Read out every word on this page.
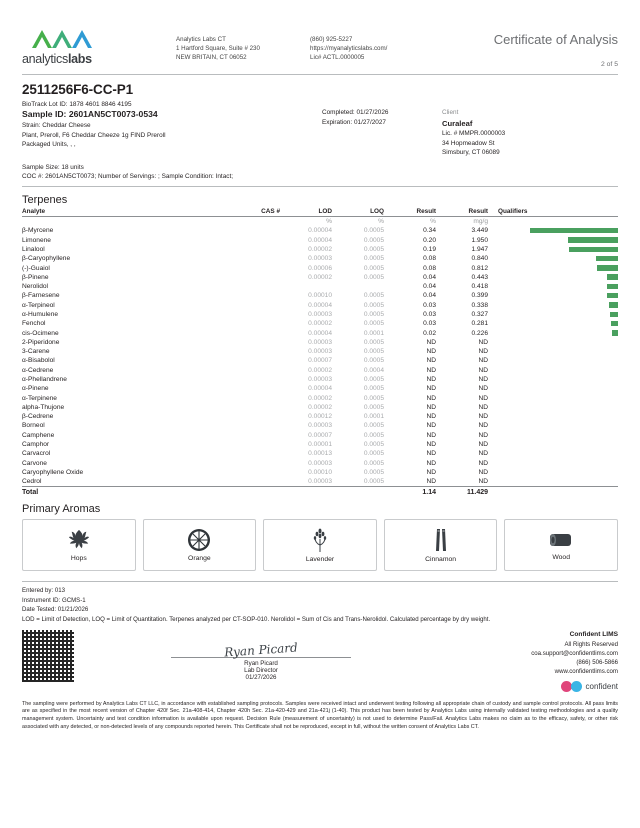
analyticslabs
Analytics Labs CT
1 Hartford Square, Suite # 230
NEW BRITAIN, CT 06052
(860) 925-5227
https://myanalyticslabs.com/
Lic# ACTL.0000005
Certificate of Analysis
2 of 5
2511256F6-CC-P1
BioTrack Lot ID: 1878 4601 8846 4195
Sample ID: 2601AN5CT0073-0534
Strain: Cheddar Cheese
Plant, Preroll, F6 Cheddar Cheeze 1g FIND Preroll
Packaged Units, , ,
Completed: 01/27/2026
Expiration: 01/27/2027
Client
Curaleaf
Lic. # MMPR.0000003
34 Hopmeadow St
Simsbury, CT 06089
Sample Size: 18 units
COC #: 2601AN5CT0073; Number of Servings: ; Sample Condition: Intact;
Terpenes
Analyte	CAS #	LOD	LOQ	Result	Result	Qualifiers
		%	%	%	mg/g	
β-Myrcene		0.00004	0.0005	0.34	3.449	
Limonene		0.00004	0.0005	0.20	1.950	
Linalool		0.00002	0.0005	0.19	1.947	
β-Caryophyllene		0.00003	0.0005	0.08	0.840	
(-)-Guaiol		0.00006	0.0005	0.08	0.812	
β-Pinene		0.00002	0.0005	0.04	0.443	
Nerolidol				0.04	0.418	
β-Farnesene		0.00010	0.0005	0.04	0.399	
α-Terpineol		0.00004	0.0005	0.03	0.338	
α-Humulene		0.00003	0.0005	0.03	0.327	
Fenchol		0.00002	0.0005	0.03	0.281	
cis-Ocimene		0.00004	0.0001	0.02	0.226	
2-Piperidone		0.00003	0.0005	ND	ND	
3-Carene		0.00003	0.0005	ND	ND	
α-Bisabolol		0.00007	0.0005	ND	ND	
α-Cedrene		0.00002	0.0004	ND	ND	
α-Phellandrene		0.00003	0.0005	ND	ND	
α-Pinene		0.00004	0.0005	ND	ND	
α-Terpinene		0.00002	0.0005	ND	ND	
alpha-Thujone		0.00002	0.0005	ND	ND	
β-Cedrene		0.00012	0.0001	ND	ND	
Borneol		0.00003	0.0005	ND	ND	
Camphene		0.00007	0.0005	ND	ND	
Camphor		0.00001	0.0005	ND	ND	
Carvacrol		0.00013	0.0005	ND	ND	
Carvone		0.00003	0.0005	ND	ND	
Caryophyllene Oxide		0.00010	0.0005	ND	ND	
Cedrol		0.00003	0.0005	ND	ND	
Total				1.14	11.429	
Primary Aromas
Hops	Orange	Lavender	Cinnamon	Wood
Entered by: 013
Instrument ID: GCMS-1
Date Tested: 01/21/2026
LOD = Limit of Detection, LOQ = Limit of Quantitation. Terpenes analyzed per CT-SOP-010. Nerolidol = Sum of Cis and Trans-Nerolidol. Calculated percentage by dry weight.
Ryan Picard
Ryan Picard
Lab Director
01/27/2026
Confident LIMS
All Rights Reserved
coa.support@confidentlims.com
(866) 506-5866
www.confidentlims.com
confident
The sampling were performed by Analytics Labs CT LLC, in accordance with established sampling protocols. Samples were received intact and underwent testing following all appropriate chain of custody and sample control protocols. All pass limits are as specified in the most recent version of Chapter 420f Sec. 21a-408-414, Chapter 420h Sec. 21a-420-429 and 21a-421j (1-40). This product has been tested by Analytics Labs using internally validated testing methodologies and a quality management system. Uncertainty and test condition information is available upon request. Decision Rule (measurement of uncertainty) is not used to determine Pass/Fail. Analytics Labs makes no claim as to the efficacy, safety, or other risk associated with any detected, or non-detected levels of any compounds reported herein. This Certificate shall not be reproduced, except in full, without the written consent of Analytics Labs CT.
